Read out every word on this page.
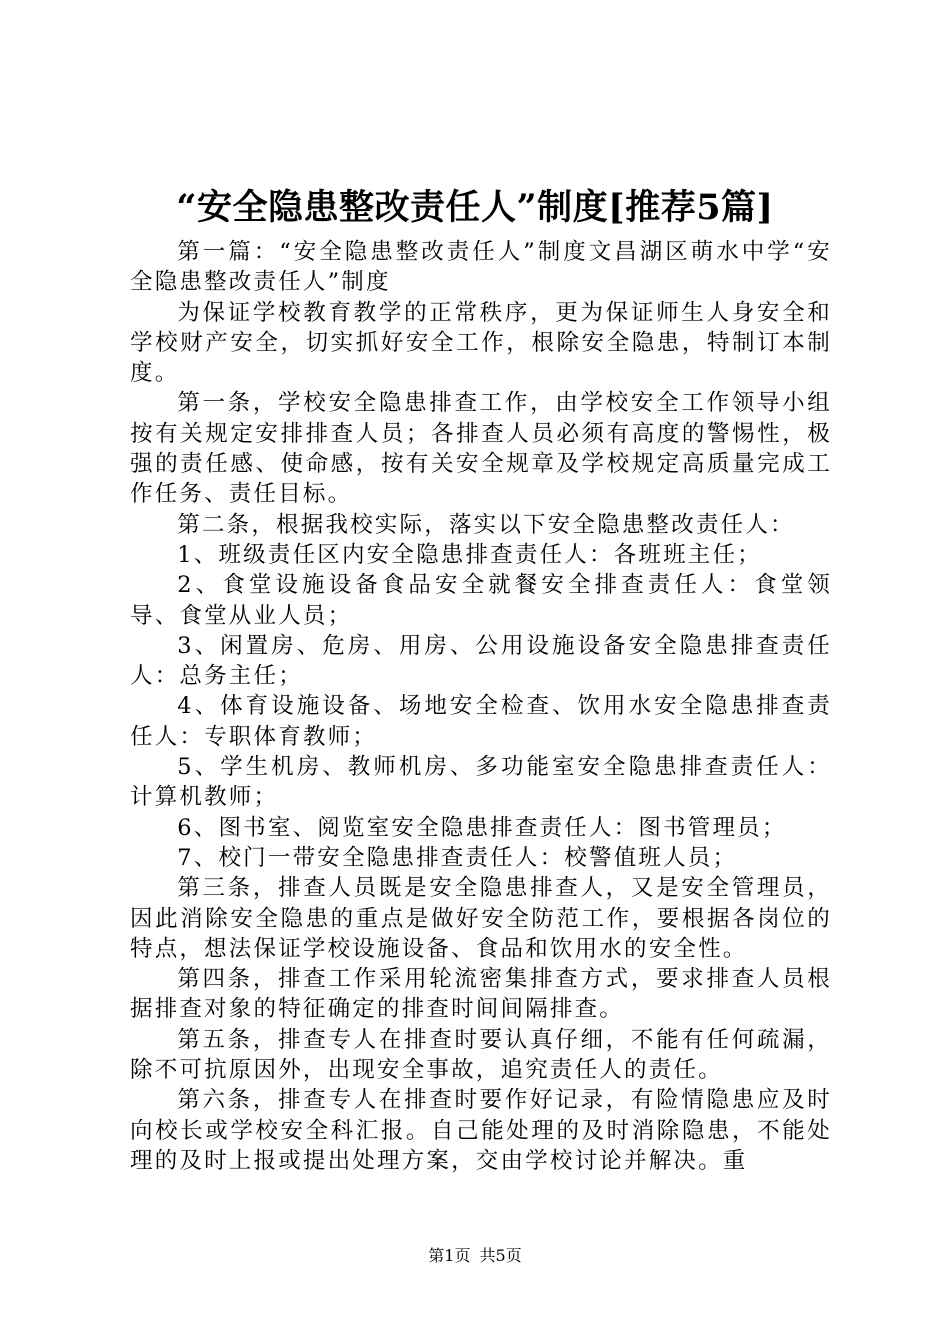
“安全隐患整改责任人”制度[推荐5篇]

第一篇：“安全隐患整改责任人”制度文昌湖区萌水中学“安全隐患整改责任人”制度

为保证学校教育教学的正常秩序，更为保证师生人身安全和学校财产安全，切实抓好安全工作，根除安全隐患，特制订本制度。

第一条，学校安全隐患排查工作，由学校安全工作领导小组按有关规定安排排查人员；各排查人员必须有高度的警惕性，极强的责任感、使命感，按有关安全规章及学校规定高质量完成工作任务、责任目标。

第二条，根据我校实际，落实以下安全隐患整改责任人：

1、班级责任区内安全隐患排查责任人：各班班主任；

2、食堂设施设备食品安全就餐安全排查责任人：食堂领导、食堂从业人员；

3、闲置房、危房、用房、公用设施设备安全隐患排查责任人：总务主任；

4、体育设施设备、场地安全检查、饮用水安全隐患排查责任人：专职体育教师；

5、学生机房、教师机房、多功能室安全隐患排查责任人：计算机教师；

6、图书室、阅览室安全隐患排查责任人：图书管理员；

7、校门一带安全隐患排查责任人：校警值班人员；

第三条，排查人员既是安全隐患排查人，又是安全管理员，因此消除安全隐患的重点是做好安全防范工作，要根据各岗位的特点，想法保证学校设施设备、食品和饮用水的安全性。

第四条，排查工作采用轮流密集排查方式，要求排查人员根据排查对象的特征确定的排查时间间隔排查。

第五条，排查专人在排查时要认真仔细，不能有任何疏漏，除不可抗原因外，出现安全事故，追究责任人的责任。

第六条，排查专人在排查时要作好记录，有险情隐患应及时向校长或学校安全科汇报。自己能处理的及时消除隐患，不能处理的及时上报或提出处理方案，交由学校讨论并解决。重

第1页 共5页
